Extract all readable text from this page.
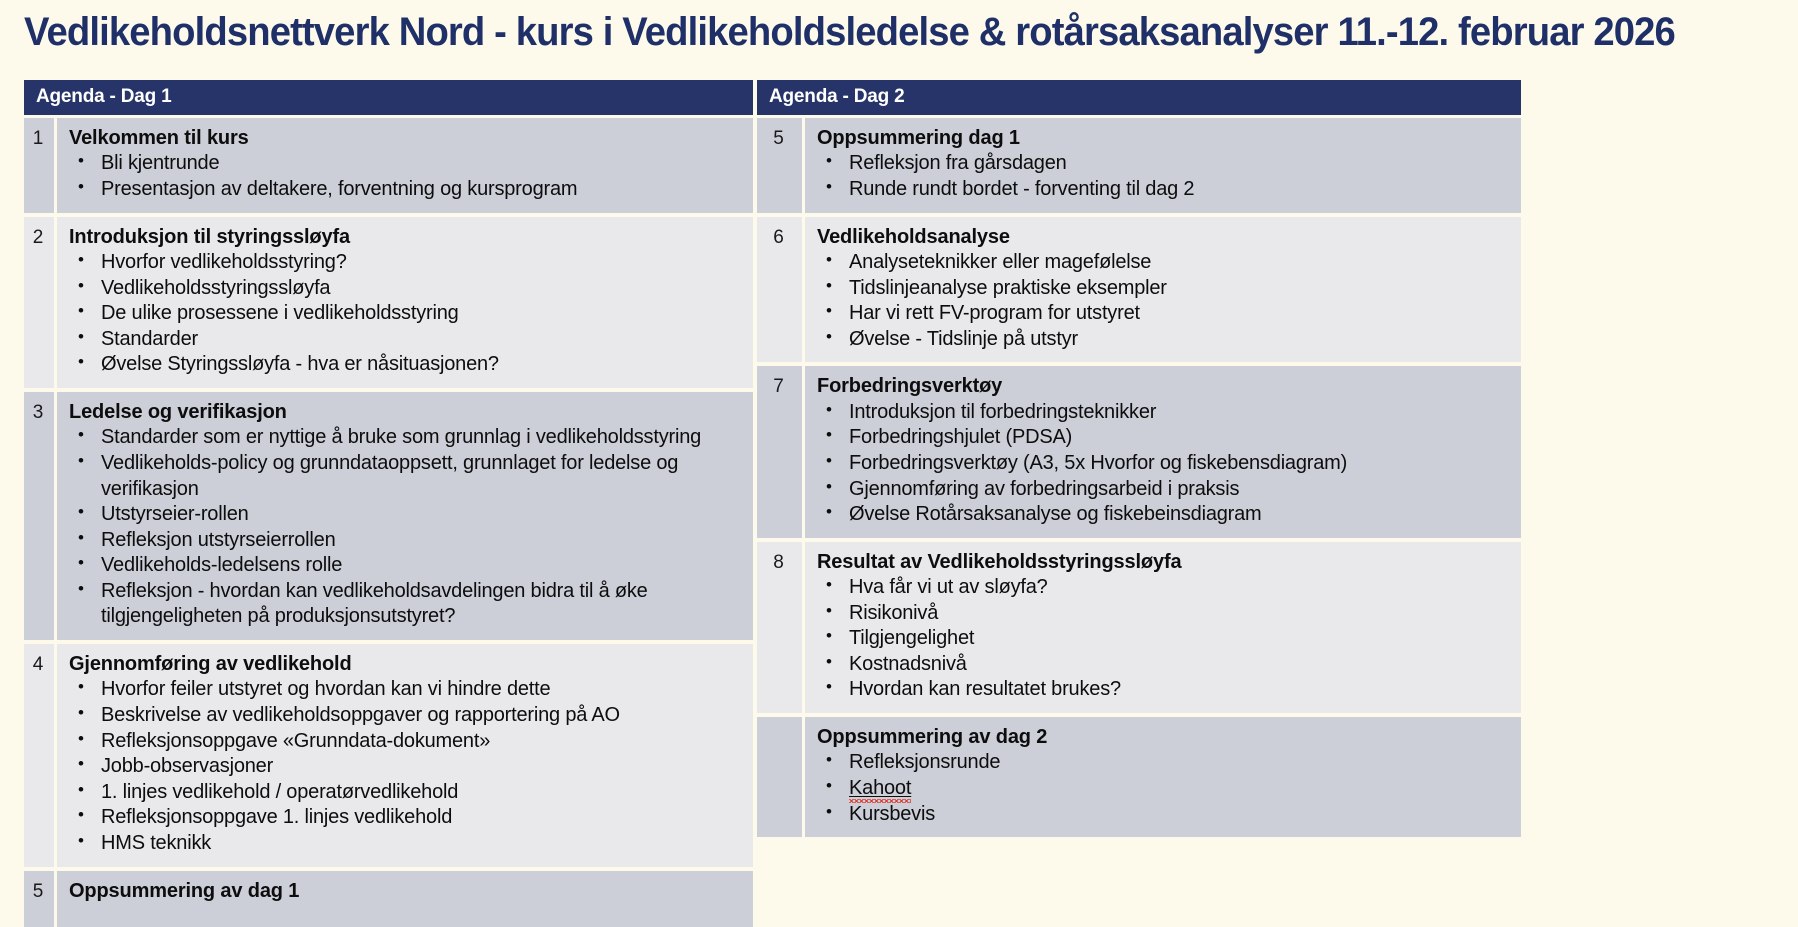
Vedlikeholdsnettverk Nord - kurs i Vedlikeholdsledelse & rotårsaksanalyser 11.-12. februar 2026
Agenda - Dag 1	

1	Velkommen til kurs
• Bli kjentrunde
• Presentasjon av deltakere, forventning og kursprogram

2	Introduksjon til styringssløyfa
• Hvorfor vedlikeholdsstyring?
• Vedlikeholdsstyringssløyfa
• De ulike prosessene i vedlikeholdsstyring
• Standarder
• Øvelse Styringssløyfa - hva er nåsituasjonen?

3	Ledelse og verifikasjon
• Standarder som er nyttige å bruke som grunnlag i vedlikeholdsstyring
• Vedlikeholds-policy og grunndataoppsett, grunnlaget for ledelse og verifikasjon
• Utstyrseier-rollen
• Refleksjon utstyrseierrollen
• Vedlikeholds-ledelsens rolle
• Refleksjon - hvordan kan vedlikeholdsavdelingen bidra til å øke tilgjengeligheten på produksjonsutstyret?

4	Gjennomføring av vedlikehold
• Hvorfor feiler utstyret og hvordan kan vi hindre dette
• Beskrivelse av vedlikeholdsoppgaver og rapportering på AO
• Refleksjonsoppgave «Grunndata-dokument»
• Jobb-observasjoner
• 1. linjes vedlikehold / operatørvedlikehold
• Refleksjonsoppgave 1. linjes vedlikehold
• HMS teknikk

5	Oppsummering av dag 1
Agenda - Dag 2	

5	Oppsummering dag 1
• Refleksjon fra gårsdagen
• Runde rundt bordet - forventing til dag 2

6	Vedlikeholdsanalyse
• Analyseteknikker eller magefølelse
• Tidslinjeanalyse praktiske eksempler
• Har vi rett FV-program for utstyret
• Øvelse - Tidslinje på utstyr

7	Forbedringsverktøy
• Introduksjon til forbedringsteknikker
• Forbedringshjulet (PDSA)
• Forbedringsverktøy (A3, 5x Hvorfor og fiskebensdiagram)
• Gjennomføring av forbedringsarbeid i praksis
• Øvelse Rotårsaksanalyse og fiskebeinsdiagram

8	Resultat av Vedlikeholdsstyringssløyfa
• Hva får vi ut av sløyfa?
• Risikonivå
• Tilgjengelighet
• Kostnadsnivå
• Hvordan kan resultatet brukes?

Oppsummering av dag 2
• Refleksjonsrunde
• Kahoot
• Kursbevis
